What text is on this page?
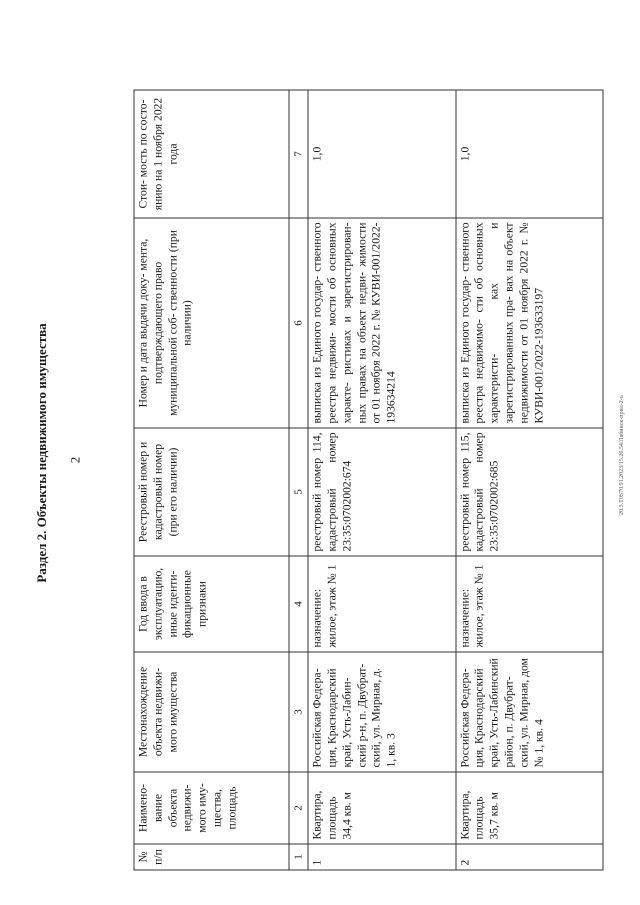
2
Раздел 2. Объекты недвижимого имущества	20.3.T0S70.91.2023/15.26.54/Лабинск-прил-2-ъ
№ п/п	Наимено- вание объекта недвижи- мого иму- щества, площадь	Местонахождение объекта недвижи- мого имущества	Год ввода в эксплуатацию, иные иденти- фикационные признаки	Реестровый номер и кадастровый номер (при его наличии)	Номер и дата выдачи доку- мента, подтверждающего право муниципальной соб- ственности (при наличии)	Стои- мость по состо- янию на 1 ноября 2022 года
1	2	3	4	5	6	7
1	Квартира, площадь 34,4 кв. м	Российская Федера- ция, Краснодарский край, Усть-Лабин- ский р-н, п. Двубрат- ский, ул. Мирная, д. 1, кв. 3	назначение: жилое, этаж № 1	реестровый номер 114, кадастровый номер 23:35:0702002:674	выписка из Единого государ- ственного реестра недвижи- мости об основных характе- ристиках и зарегистрирован- ных правах на объект недви- жимости от 01 ноября 2022 г. № КУВИ-001/2022-193634214	1,0
2	Квартира, площадь 35,7 кв. м	Российская Федера- ция, Краснодарский край, Усть-Лабинский район, п. Двубрат- ский, ул. Мирная, дом № 1, кв. 4	назначение: жилое, этаж № 1	реестровый номер 115, кадастровый номер 23:35:0702002:685	выписка из Единого государ- ственного реестра недвижимо- сти об основных характеристи- ках и зарегистрированных пра- вах на объект недвижимости от 01 ноября 2022 г. № КУВИ-001/2022-193633197	1,0
